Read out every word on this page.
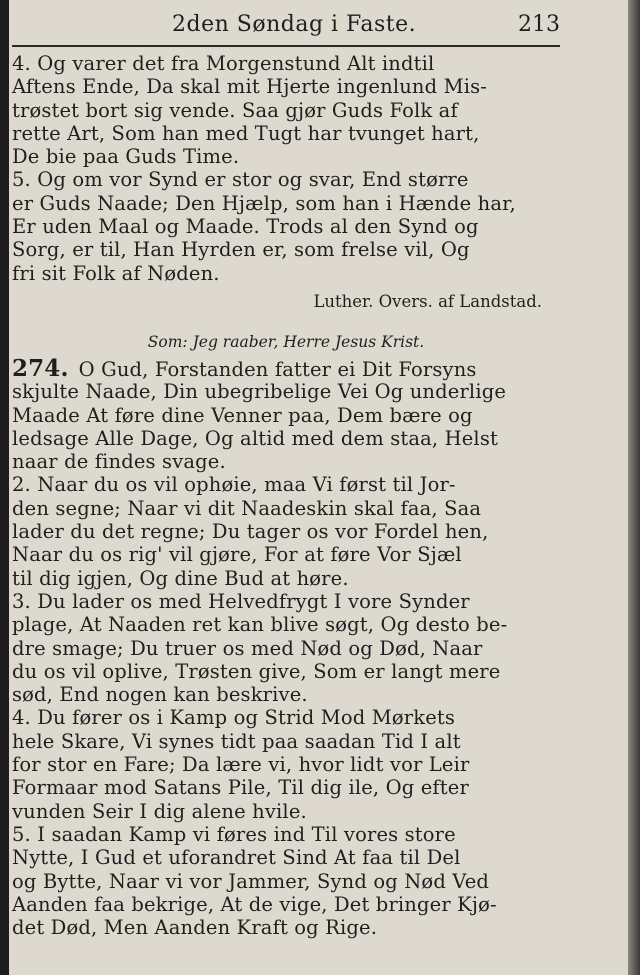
2den Søndag i Faste.	213
4. Og varer det fra Morgenstund Alt indtil
Aftens Ende, Da skal mit Hjerte ingenlund Mis-
trøstet bort sig vende. Saa gjør Guds Folk af
rette Art, Som han med Tugt har tvunget hart,
De bie paa Guds Time.
5. Og om vor Synd er stor og svar, End større
er Guds Naade; Den Hjælp, som han i Hænde har,
Er uden Maal og Maade. Trods al den Synd og
Sorg, er til, Han Hyrden er, som frelse vil, Og
fri sit Folk af Nøden.
Luther. Overs. af Landstad.
Som: Jeg raaber, Herre Jesus Krist.
274. O Gud, Forstanden fatter ei Dit Forsyns
skjulte Naade, Din ubegribelige Vei Og underlige
Maade At føre dine Venner paa, Dem bære og
ledsage Alle Dage, Og altid med dem staa, Helst
naar de findes svage.
2. Naar du os vil ophøie, maa Vi først til Jor-
den segne; Naar vi dit Naadeskin skal faa, Saa
lader du det regne; Du tager os vor Fordel hen,
Naar du os rig' vil gjøre, For at føre Vor Sjæl
til dig igjen, Og dine Bud at høre.
3. Du lader os med Helvedfrygt I vore Synder
plage, At Naaden ret kan blive søgt, Og desto be-
dre smage; Du truer os med Nød og Død, Naar
du os vil oplive, Trøsten give, Som er langt mere
sød, End nogen kan beskrive.
4. Du fører os i Kamp og Strid Mod Mørkets
hele Skare, Vi synes tidt paa saadan Tid I alt
for stor en Fare; Da lære vi, hvor lidt vor Leir
Formaar mod Satans Pile, Til dig ile, Og efter
vunden Seir I dig alene hvile.
5. I saadan Kamp vi føres ind Til vores store
Nytte, I Gud et uforandret Sind At faa til Del
og Bytte, Naar vi vor Jammer, Synd og Nød Ved
Aanden faa bekrige, At de vige, Det bringer Kjø-
det Død, Men Aanden Kraft og Rige.
